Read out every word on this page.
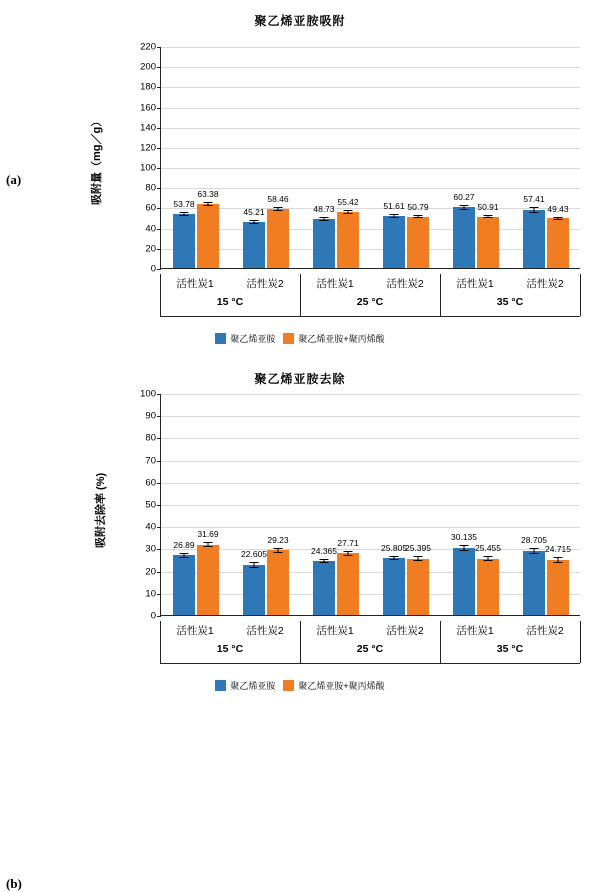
(a)
聚乙烯亚胺吸附
吸附量（mg／g）
0
20
40
60
80
100
120
140
160
180
200
220
53.78
63.38
45.21
58.46
48.73
55.42	51.61 50.79
60.27
50.91
57.41
49.43
活性炭1	活性炭2	活性炭1	活性炭2	活性炭1	活性炭2
15 °C	25 °C	35 °C
聚乙烯亚胺	聚乙烯亚胺+聚丙烯酸
(b)
聚乙烯亚胺去除
吸附去除率 (%)
0
10
20
30
40
50
60
70
80
90
100
26.89
31.69
22.605
29.23
24.365
27.71	25.805
25.395
30.135
25.455
28.705
24.715
活性炭1	活性炭2	活性炭1	活性炭2	活性炭1	活性炭2
15 °C	25 °C	35 °C
聚乙烯亚胺	聚乙烯亚胺+聚丙烯酸
